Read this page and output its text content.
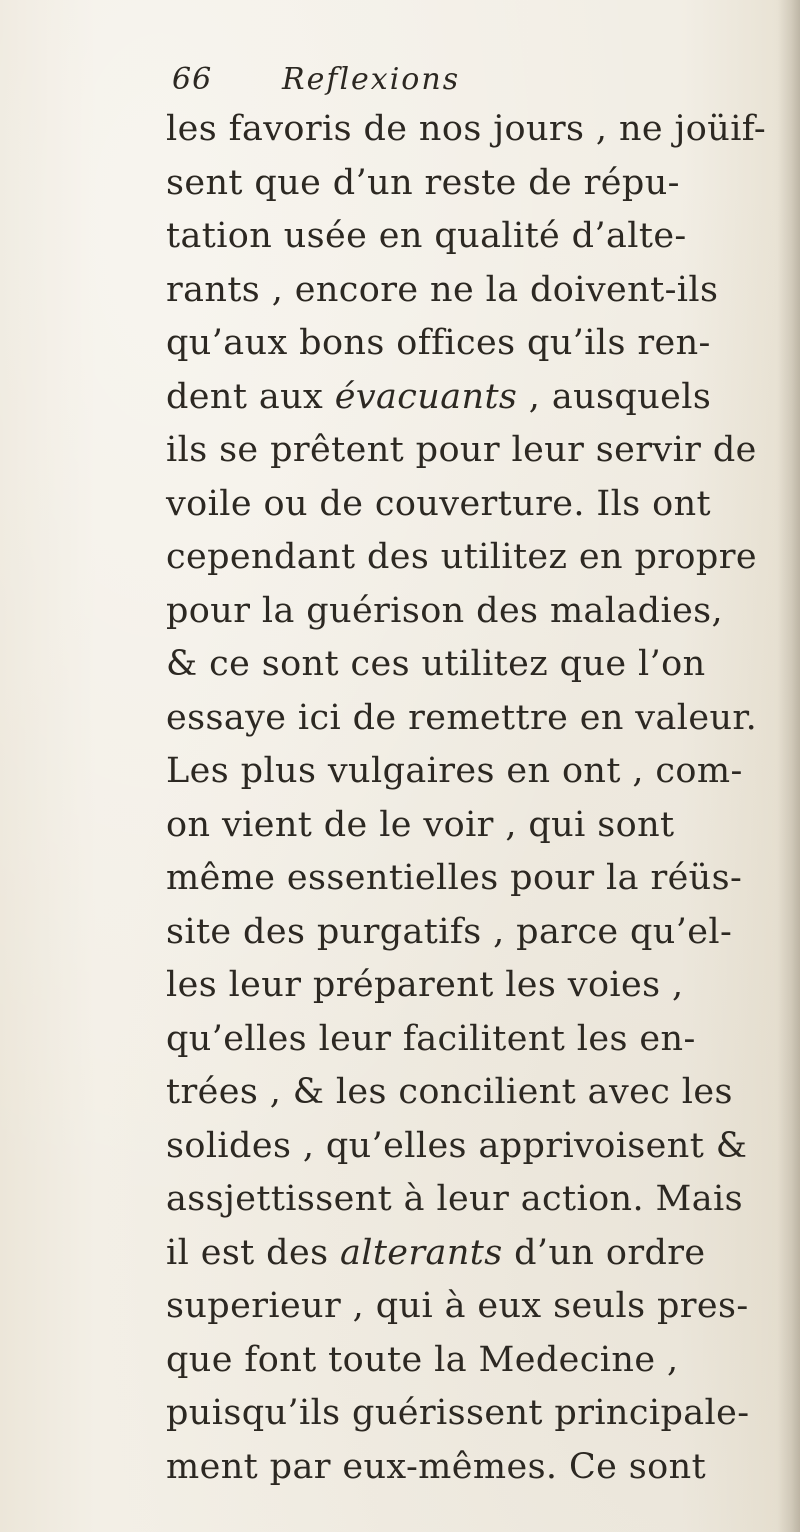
66 Reflexions
les favoris de nos jours , ne joüif-
sent que d’un reste de répu-
tation usée en qualité d’alte-
rants , encore ne la doivent-ils
qu’aux bons offices qu’ils ren-
dent aux évacuants , ausquels
ils se prêtent pour leur servir de
voile ou de couverture. Ils ont
cependant des utilitez en propre
pour la guérison des maladies,
& ce sont ces utilitez que l’on
essaye ici de remettre en valeur.
Les plus vulgaires en ont , com-
on vient de le voir , qui sont
même essentielles pour la réüs-
site des purgatifs , parce qu’el-
les leur préparent les voies ,
qu’elles leur facilitent les en-
trées , & les concilient avec les
solides , qu’elles apprivoisent &
assjettissent à leur action. Mais
il est des alterants d’un ordre
superieur , qui à eux seuls pres-
que font toute la Medecine ,
puisqu’ils guérissent principale-
ment par eux-mêmes. Ce sont
